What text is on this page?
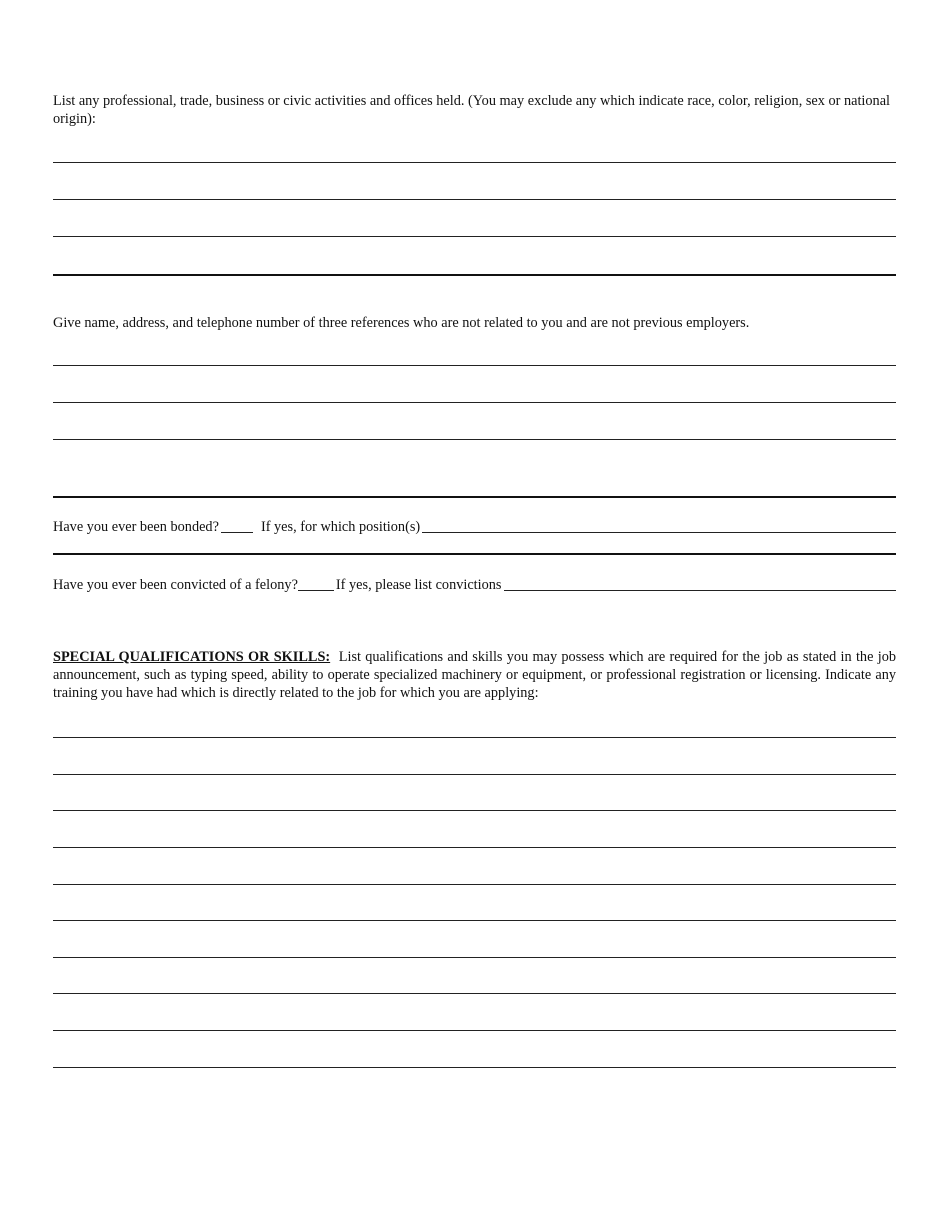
List any professional, trade, business or civic activities and offices held. (You may exclude any which indicate race, color, religion, sex or national origin):

Give name, address, and telephone number of three references who are not related to you and are not previous employers.

Have you ever been bonded?	If yes, for which position(s)
Have you ever been convicted of a felony?	If yes, please list convictions

SPECIAL QUALIFICATIONS OR SKILLS: List qualifications and skills you may possess which are required for the job as stated in the job announcement, such as typing speed, ability to operate specialized machinery or equipment, or professional registration or licensing. Indicate any training you have had which is directly related to the job for which you are applying:
